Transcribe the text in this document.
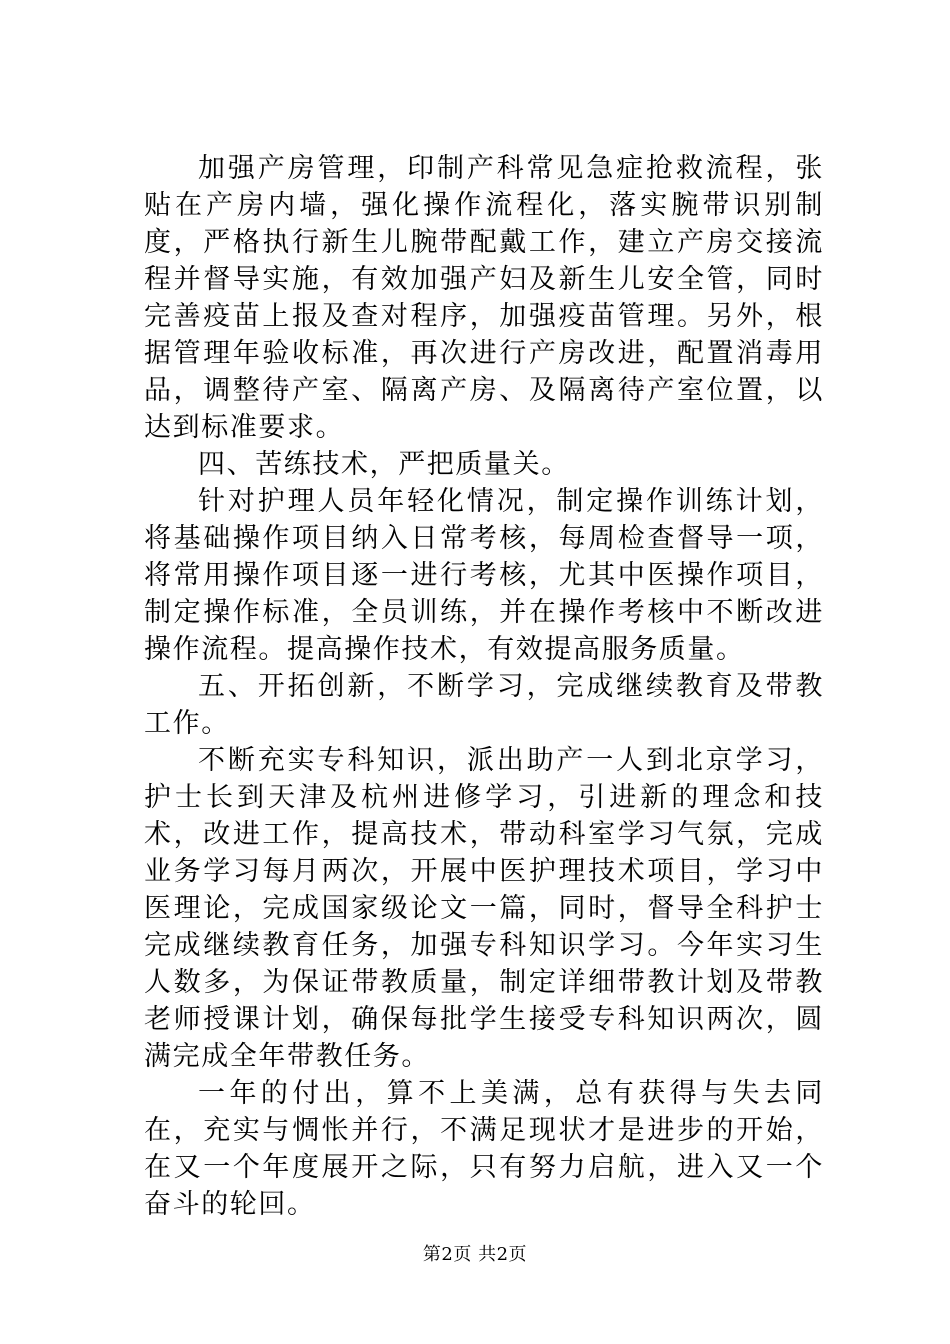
加强产房管理，印制产科常见急症抢救流程，张贴在产房内墙，强化操作流程化，落实腕带识别制度，严格执行新生儿腕带配戴工作，建立产房交接流程并督导实施，有效加强产妇及新生儿安全管，同时完善疫苗上报及查对程序，加强疫苗管理。另外，根据管理年验收标准，再次进行产房改进，配置消毒用品，调整待产室、隔离产房、及隔离待产室位置，以达到标准要求。

四、苦练技术，严把质量关。

针对护理人员年轻化情况，制定操作训练计划，将基础操作项目纳入日常考核，每周检查督导一项，将常用操作项目逐一进行考核，尤其中医操作项目，制定操作标准，全员训练，并在操作考核中不断改进操作流程。提高操作技术，有效提高服务质量。

五、开拓创新，不断学习，完成继续教育及带教工作。

不断充实专科知识，派出助产一人到北京学习，护士长到天津及杭州进修学习，引进新的理念和技术，改进工作，提高技术，带动科室学习气氛，完成业务学习每月两次，开展中医护理技术项目，学习中医理论，完成国家级论文一篇，同时，督导全科护士完成继续教育任务，加强专科知识学习。今年实习生人数多，为保证带教质量，制定详细带教计划及带教老师授课计划，确保每批学生接受专科知识两次，圆满完成全年带教任务。

一年的付出，算不上美满，总有获得与失去同在，充实与惆怅并行，不满足现状才是进步的开始，在又一个年度展开之际，只有努力启航，进入又一个奋斗的轮回。

第2页 共2页
